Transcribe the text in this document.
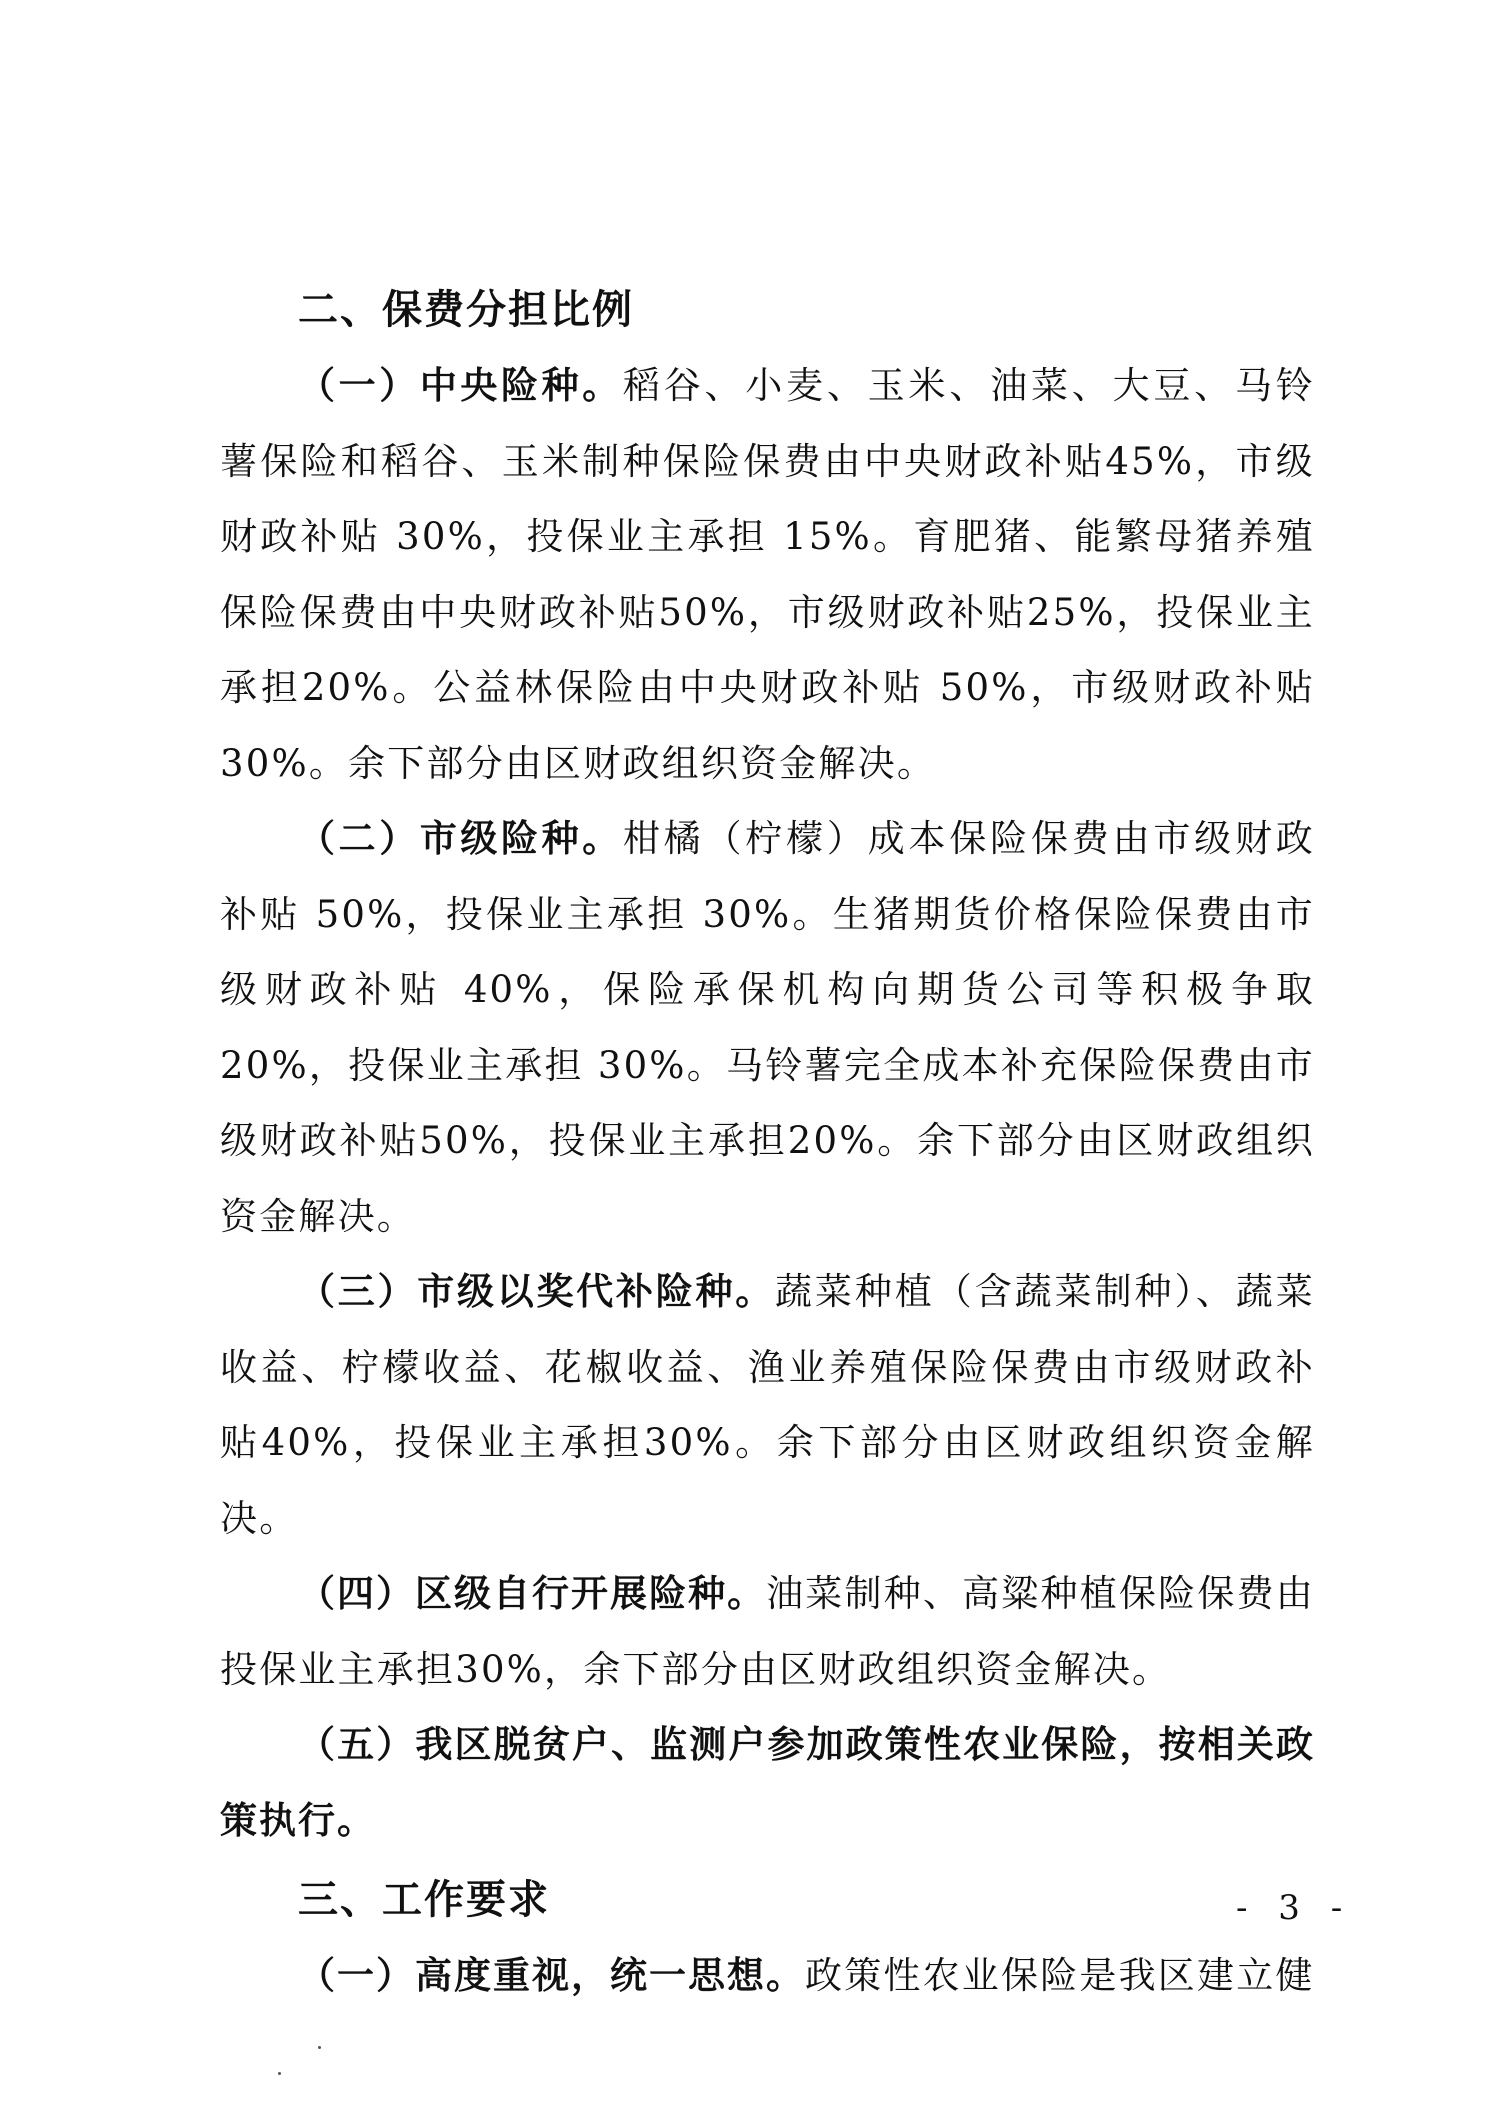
二、保费分担比例

（一）中央险种。稻谷、小麦、玉米、油菜、大豆、马铃薯保险和稻谷、玉米制种保险保费由中央财政补贴45%，市级财政补贴 30%，投保业主承担 15%。育肥猪、能繁母猪养殖保险保费由中央财政补贴50%，市级财政补贴25%，投保业主承担20%。公益林保险由中央财政补贴 50%，市级财政补贴 30%。余下部分由区财政组织资金解决。

（二）市级险种。柑橘（柠檬）成本保险保费由市级财政补贴 50%，投保业主承担 30%。生猪期货价格保险保费由市级财政补贴 40%，保险承保机构向期货公司等积极争取 20%，投保业主承担 30%。马铃薯完全成本补充保险保费由市级财政补贴50%，投保业主承担20%。余下部分由区财政组织资金解决。

（三）市级以奖代补险种。蔬菜种植（含蔬菜制种）、蔬菜收益、柠檬收益、花椒收益、渔业养殖保险保费由市级财政补贴40%，投保业主承担30%。余下部分由区财政组织资金解决。

（四）区级自行开展险种。油菜制种、高粱种植保险保费由投保业主承担30%，余下部分由区财政组织资金解决。

（五）我区脱贫户、监测户参加政策性农业保险，按相关政策执行。

三、工作要求

（一）高度重视，统一思想。政策性农业保险是我区建立健

- 3 -
